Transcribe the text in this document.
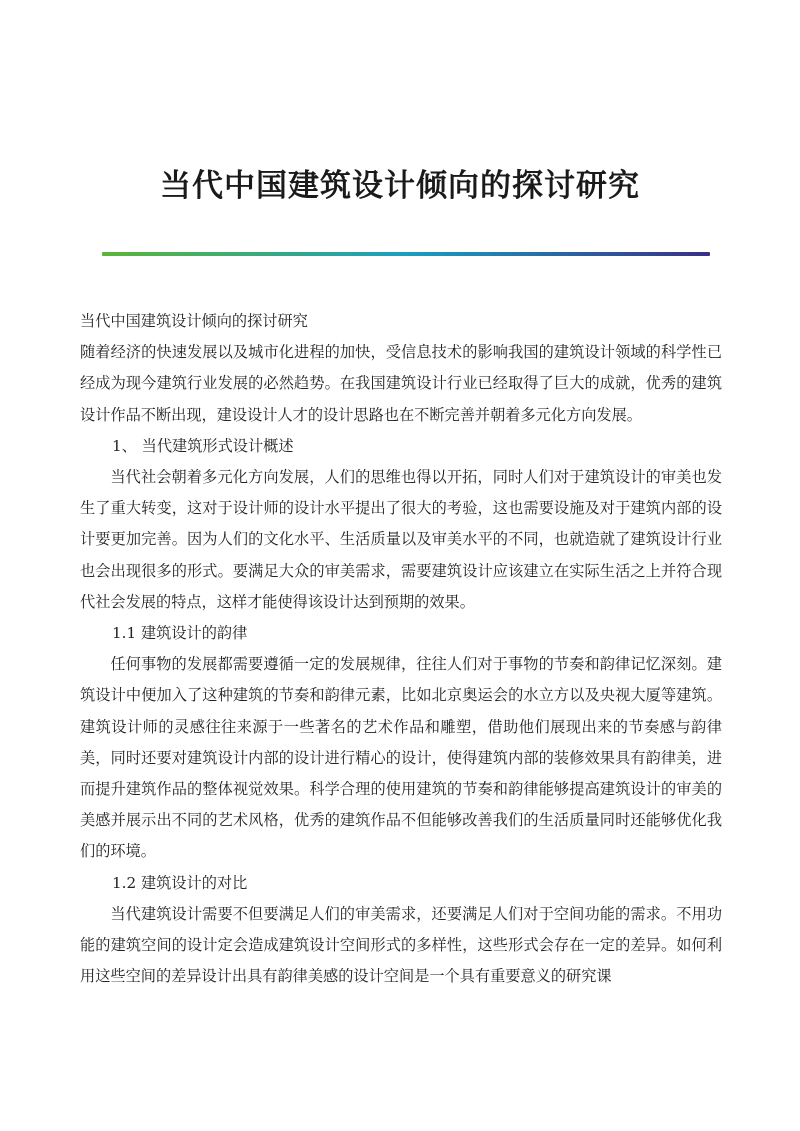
当代中国建筑设计倾向的探讨研究

当代中国建筑设计倾向的探讨研究

随着经济的快速发展以及城市化进程的加快，受信息技术的影响我国的建筑设计领域的科学性已经成为现今建筑行业发展的必然趋势。在我国建筑设计行业已经取得了巨大的成就，优秀的建筑设计作品不断出现，建设设计人才的设计思路也在不断完善并朝着多元化方向发展。

1、 当代建筑形式设计概述

当代社会朝着多元化方向发展，人们的思维也得以开拓，同时人们对于建筑设计的审美也发生了重大转变，这对于设计师的设计水平提出了很大的考验，这也需要设施及对于建筑内部的设计要更加完善。因为人们的文化水平、生活质量以及审美水平的不同，也就造就了建筑设计行业也会出现很多的形式。要满足大众的审美需求，需要建筑设计应该建立在实际生活之上并符合现代社会发展的特点，这样才能使得该设计达到预期的效果。

1.1 建筑设计的韵律

任何事物的发展都需要遵循一定的发展规律，往往人们对于事物的节奏和韵律记忆深刻。建筑设计中便加入了这种建筑的节奏和韵律元素，比如北京奥运会的水立方以及央视大厦等建筑。建筑设计师的灵感往往来源于一些著名的艺术作品和雕塑，借助他们展现出来的节奏感与韵律美，同时还要对建筑设计内部的设计进行精心的设计，使得建筑内部的装修效果具有韵律美，进而提升建筑作品的整体视觉效果。科学合理的使用建筑的节奏和韵律能够提高建筑设计的审美的美感并展示出不同的艺术风格，优秀的建筑作品不但能够改善我们的生活质量同时还能够优化我们的环境。

1.2 建筑设计的对比

当代建筑设计需要不但要满足人们的审美需求，还要满足人们对于空间功能的需求。不用功能的建筑空间的设计定会造成建筑设计空间形式的多样性，这些形式会存在一定的差异。如何利用这些空间的差异设计出具有韵律美感的设计空间是一个具有重要意义的研究课
